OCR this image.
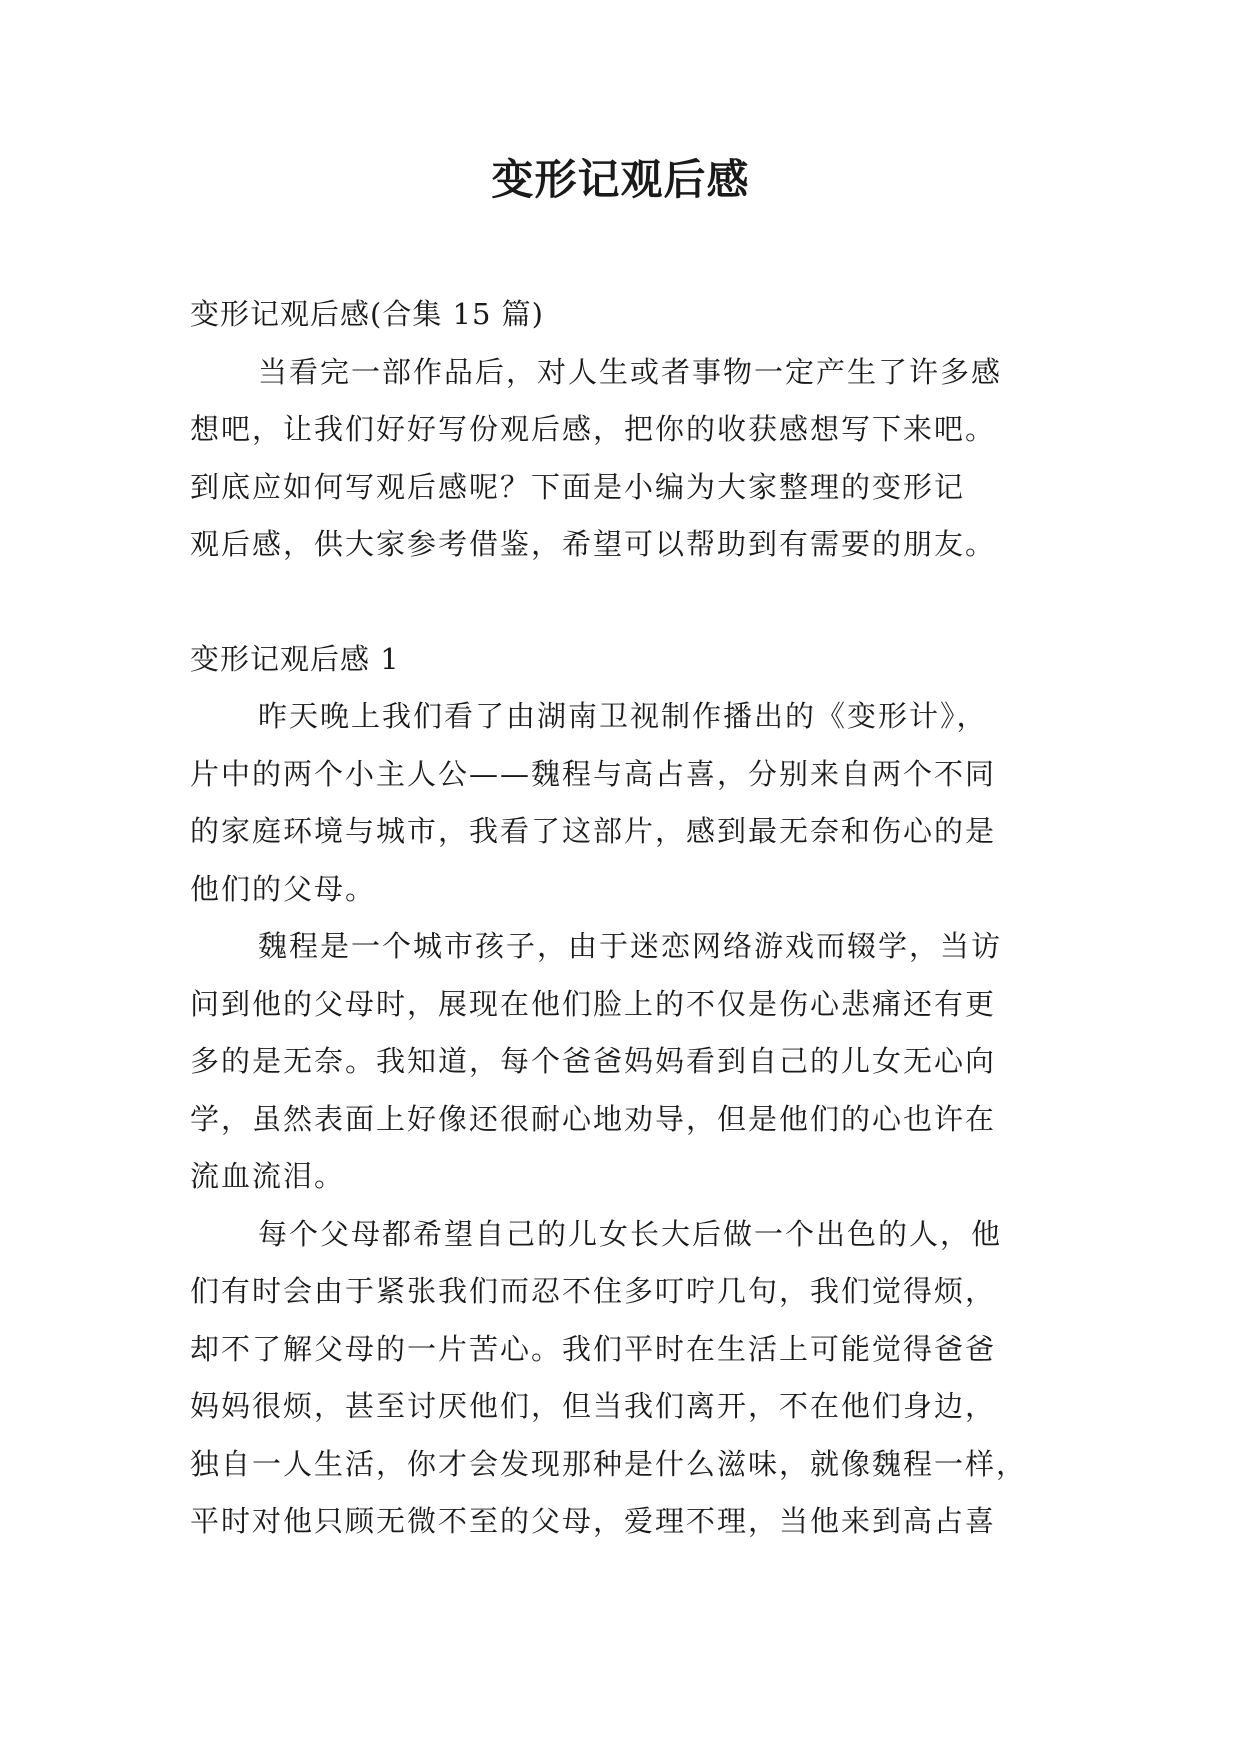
变形记观后感
变形记观后感(合集 15 篇)
当看完一部作品后，对人生或者事物一定产生了许多感
想吧，让我们好好写份观后感，把你的收获感想写下来吧。
到底应如何写观后感呢？下面是小编为大家整理的变形记
观后感，供大家参考借鉴，希望可以帮助到有需要的朋友。
变形记观后感 1
昨天晚上我们看了由湖南卫视制作播出的《变形计》，
片中的两个小主人公——魏程与高占喜，分别来自两个不同
的家庭环境与城市，我看了这部片，感到最无奈和伤心的是
他们的父母。
魏程是一个城市孩子，由于迷恋网络游戏而辍学，当访
问到他的父母时，展现在他们脸上的不仅是伤心悲痛还有更
多的是无奈。我知道，每个爸爸妈妈看到自己的儿女无心向
学，虽然表面上好像还很耐心地劝导，但是他们的心也许在
流血流泪。
每个父母都希望自己的儿女长大后做一个出色的人，他
们有时会由于紧张我们而忍不住多叮咛几句，我们觉得烦，
却不了解父母的一片苦心。我们平时在生活上可能觉得爸爸
妈妈很烦，甚至讨厌他们，但当我们离开，不在他们身边，
独自一人生活，你才会发现那种是什么滋味，就像魏程一样，
平时对他只顾无微不至的父母，爱理不理，当他来到高占喜
